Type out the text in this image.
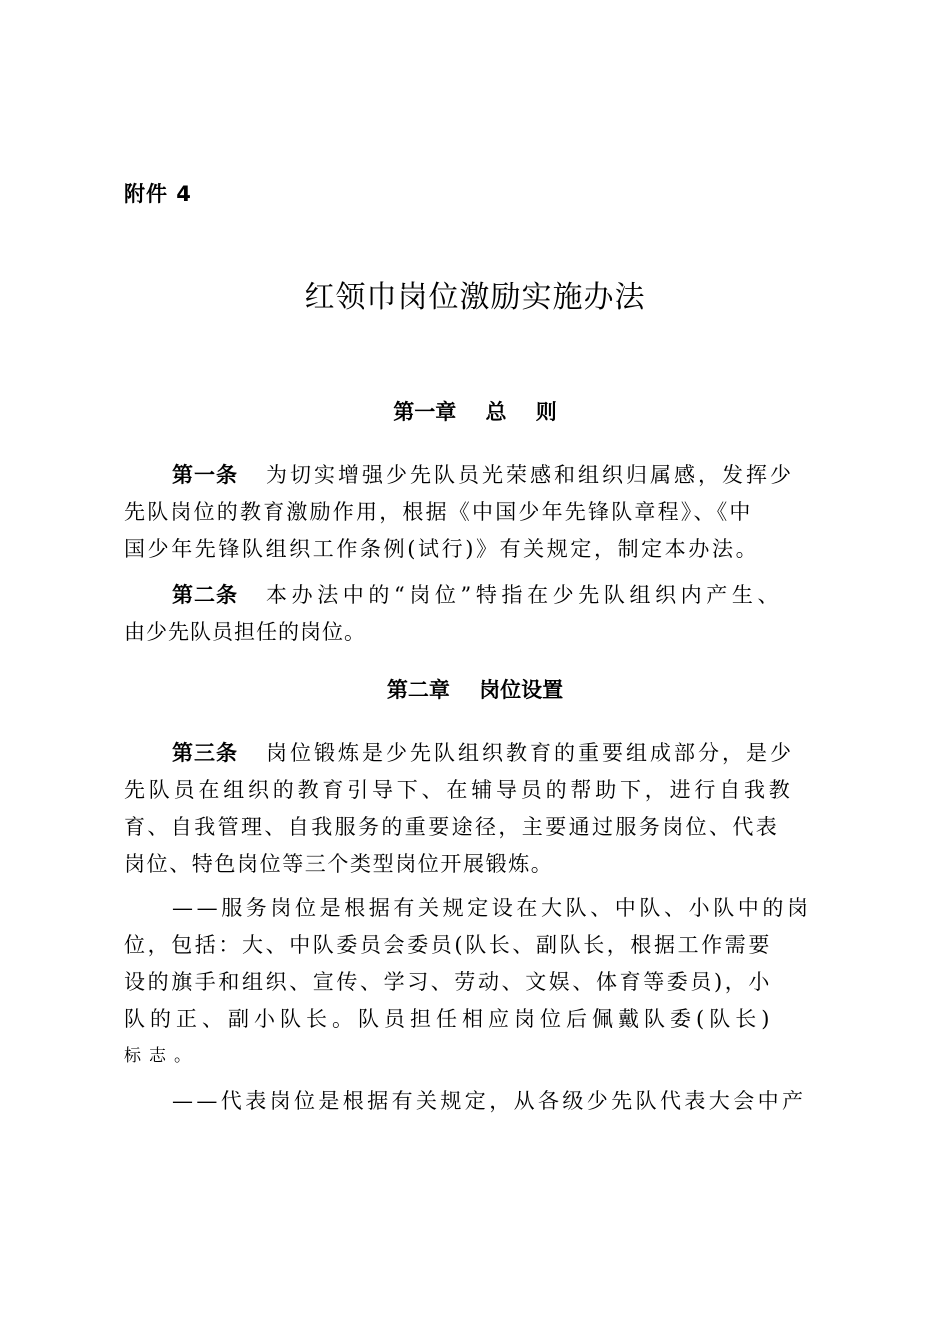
附件 4
红领巾岗位激励实施办法
第一章    总    则
第一条 为切实增强少先队员光荣感和组织归属感，发挥少
先队岗位的教育激励作用，根据《中国少年先锋队章程》、《中
国少年先锋队组织工作条例(试行)》有关规定，制定本办法。
第二条 本办法中的“岗位”特指在少先队组织内产生、
由少先队员担任的岗位。
第二章    岗位设置
第三条 岗位锻炼是少先队组织教育的重要组成部分，是少
先队员在组织的教育引导下、在辅导员的帮助下，进行自我教
育、自我管理、自我服务的重要途径，主要通过服务岗位、代表
岗位、特色岗位等三个类型岗位开展锻炼。
——服务岗位是根据有关规定设在大队、中队、小队中的岗
位，包括：大、中队委员会委员(队长、副队长，根据工作需要
设的旗手和组织、宣传、学习、劳动、文娱、体育等委员)，小
队的正、副小队长。队员担任相应岗位后佩戴队委(队长)
标志。
——代表岗位是根据有关规定，从各级少先队代表大会中产
